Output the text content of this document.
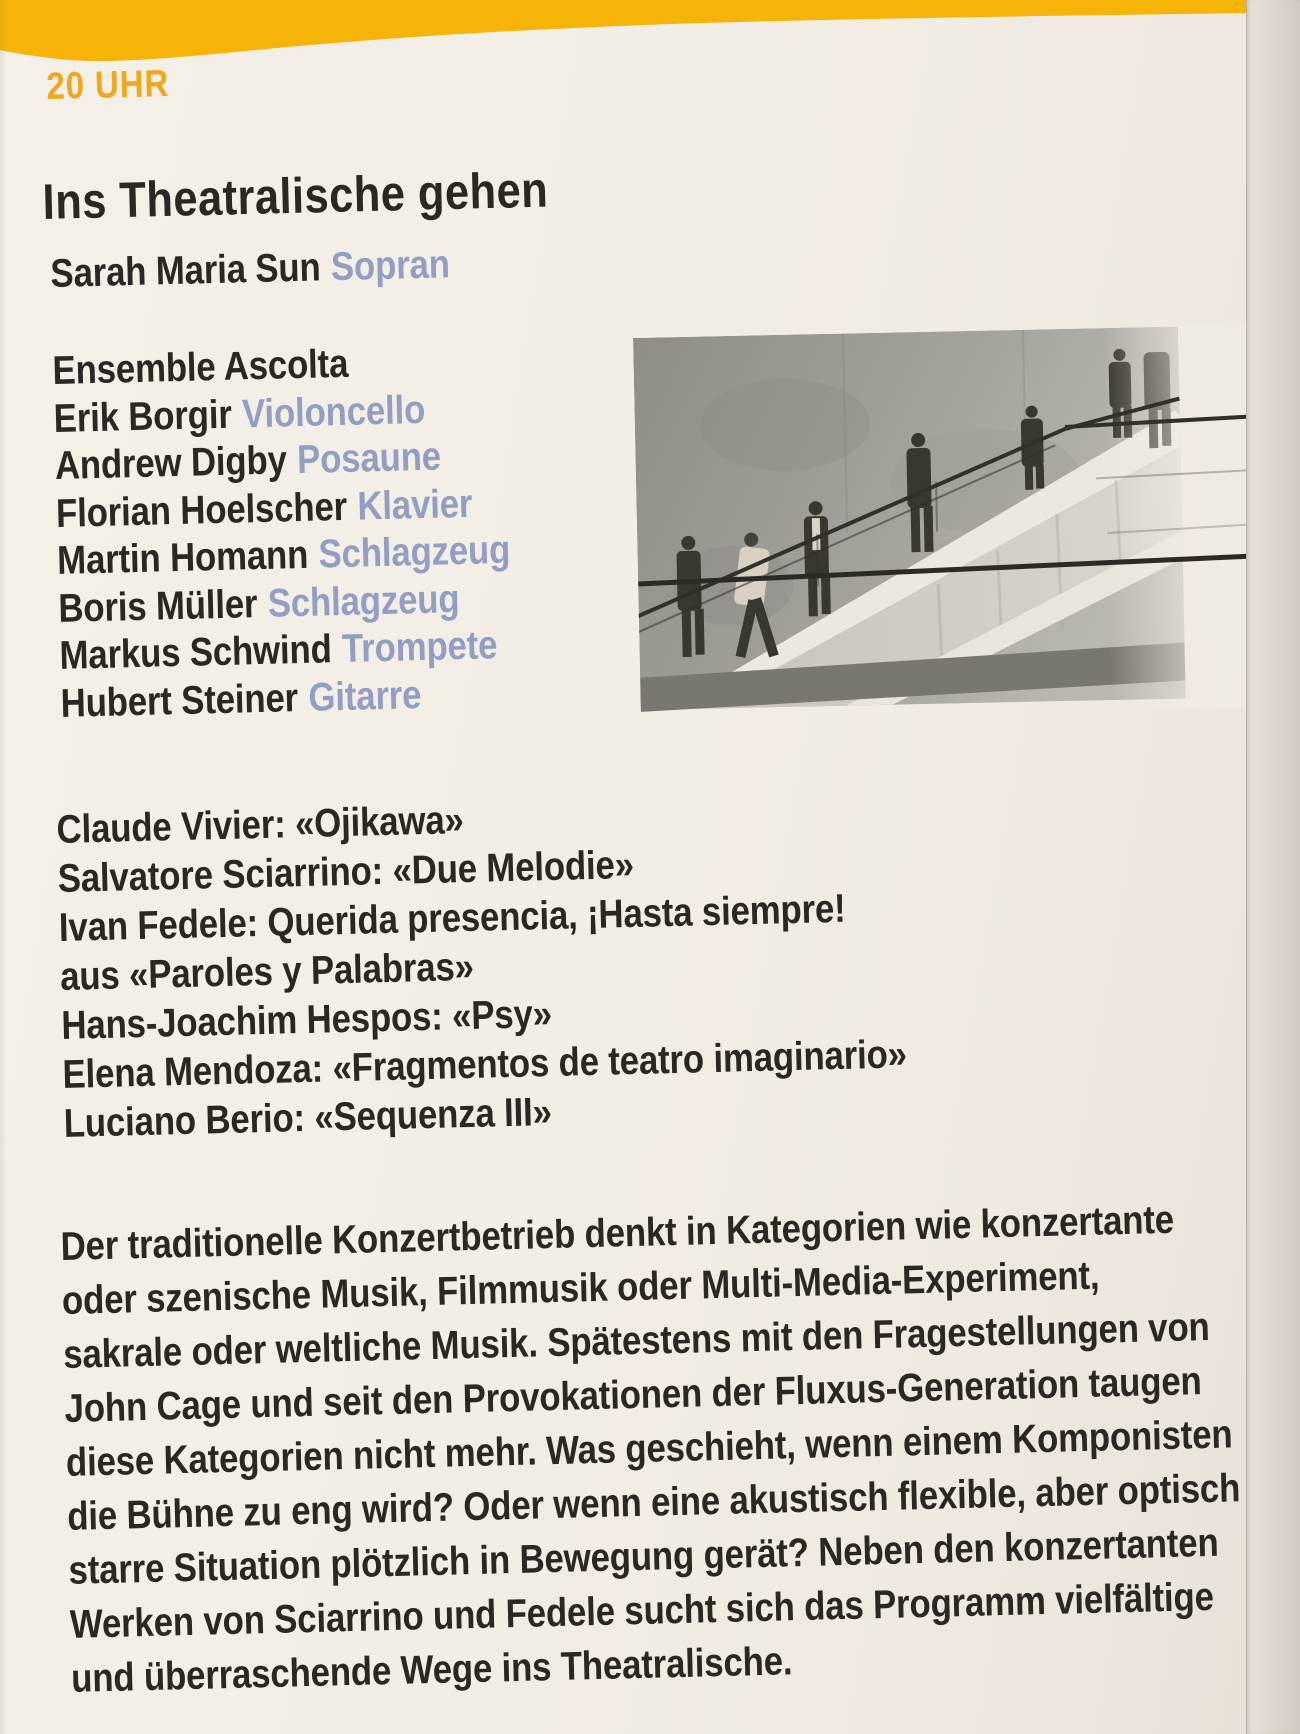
20 UHR
Ins Theatralische gehen
Sarah Maria Sun Sopran
Ensemble Ascolta
Erik Borgir Violoncello
Andrew Digby Posaune
Florian Hoelscher Klavier
Martin Homann Schlagzeug
Boris Müller Schlagzeug
Markus Schwind Trompete
Hubert Steiner Gitarre
Claude Vivier: «Ojikawa»
Salvatore Sciarrino: «Due Melodie»
Ivan Fedele: Querida presencia, ¡Hasta siempre!
aus «Paroles y Palabras»
Hans-Joachim Hespos: «Psy»
Elena Mendoza: «Fragmentos de teatro imaginario»
Luciano Berio: «Sequenza III»
Der traditionelle Konzertbetrieb denkt in Kategorien wie konzertante
oder szenische Musik, Filmmusik oder Multi-Media-Experiment,
sakrale oder weltliche Musik. Spätestens mit den Fragestellungen von
John Cage und seit den Provokationen der Fluxus-Generation taugen
diese Kategorien nicht mehr. Was geschieht, wenn einem Komponisten
die Bühne zu eng wird? Oder wenn eine akustisch flexible, aber optisch
starre Situation plötzlich in Bewegung gerät? Neben den konzertanten
Werken von Sciarrino und Fedele sucht sich das Programm vielfältige
und überraschende Wege ins Theatralische.
